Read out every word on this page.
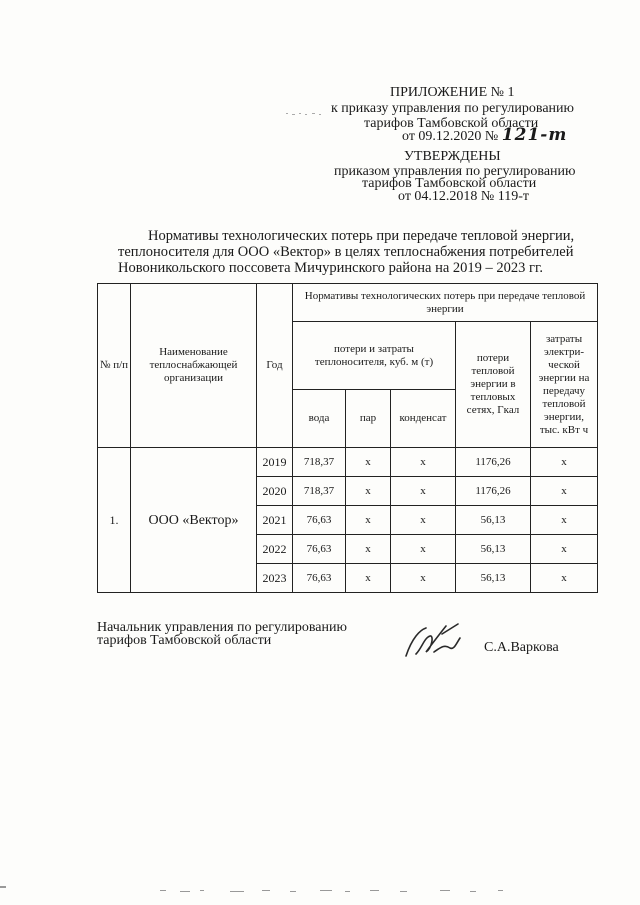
ПРИЛОЖЕНИЕ № 1
к приказу управления по регулированию
тарифов Тамбовской области
от 09.12.2020 № 121-т
УТВЕРЖДЕНЫ
приказом управления по регулированию
тарифов Тамбовской области
от 04.12.2018 № 119-т
Нормативы технологических потерь при передаче тепловой энергии,
теплоносителя для ООО «Вектор» в целях теплоснабжения потребителей
Новоникольского поссовета Мичуринского района на 2019 – 2023 гг.
№ п/п	Наименование теплоснабжающей организации	Год	Нормативы технологических потерь при передаче тепловой энергии				
			потери и затраты теплоносителя, куб. м (т)			потери тепловой энергии в тепловых сетях, Гкал	затраты электри-ческой энергии на передачу тепловой энергии, тыс. кВт ч
			вода	пар	конденсат		
1.	ООО «Вектор»	2019	718,37	х	х	1176,26	х
		2020	718,37	х	х	1176,26	х
		2021	76,63	х	х	56,13	х
		2022	76,63	х	х	56,13	х
		2023	76,63	х	х	56,13	х
Начальник управления по регулированию
тарифов Тамбовской области	С.А.Варкова
